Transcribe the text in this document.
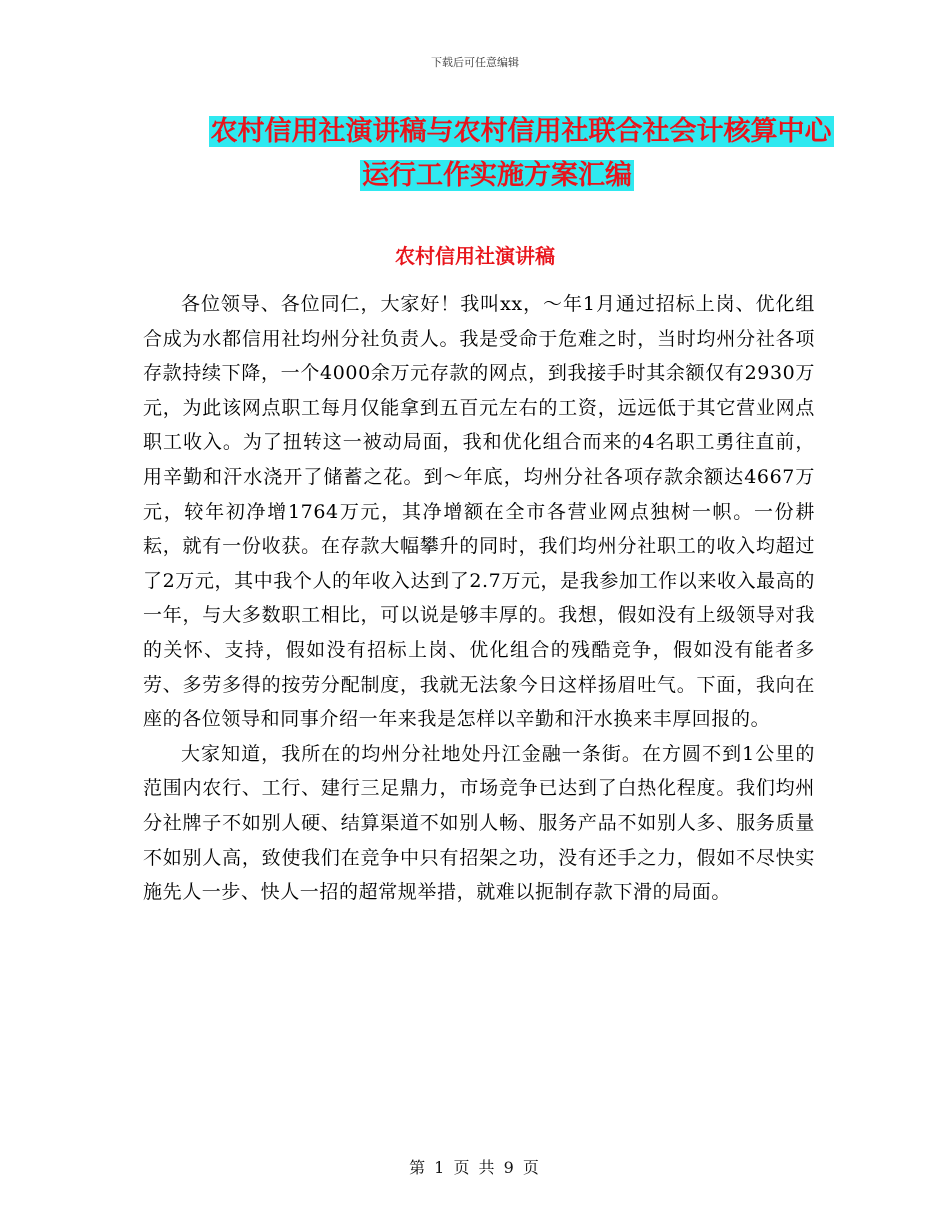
下载后可任意编辑
农村信用社演讲稿与农村信用社联合社会计核算中心
运行工作实施方案汇编
农村信用社演讲稿

各位领导、各位同仁，大家好！我叫xx，～年1月通过招标上岗、优化组合成为水都信用社均州分社负责人。我是受命于危难之时，当时均州分社各项存款持续下降，一个4000余万元存款的网点，到我接手时其余额仅有2930万元，为此该网点职工每月仅能拿到五百元左右的工资，远远低于其它营业网点职工收入。为了扭转这一被动局面，我和优化组合而来的4名职工勇往直前，用辛勤和汗水浇开了储蓄之花。到～年底，均州分社各项存款余额达4667万元，较年初净增1764万元，其净增额在全市各营业网点独树一帜。一份耕耘，就有一份收获。在存款大幅攀升的同时，我们均州分社职工的收入均超过了2万元，其中我个人的年收入达到了2.7万元，是我参加工作以来收入最高的一年，与大多数职工相比，可以说是够丰厚的。我想，假如没有上级领导对我的关怀、支持，假如没有招标上岗、优化组合的残酷竞争，假如没有能者多劳、多劳多得的按劳分配制度，我就无法象今日这样扬眉吐气。下面，我向在座的各位领导和同事介绍一年来我是怎样以辛勤和汗水换来丰厚回报的。

大家知道，我所在的均州分社地处丹江金融一条街。在方圆不到1公里的范围内农行、工行、建行三足鼎力，市场竞争已达到了白热化程度。我们均州分社牌子不如别人硬、结算渠道不如别人畅、服务产品不如别人多、服务质量不如别人高，致使我们在竞争中只有招架之功，没有还手之力，假如不尽快实施先人一步、快人一招的超常规举措，就难以扼制存款下滑的局面。

第 1 页 共 9 页
